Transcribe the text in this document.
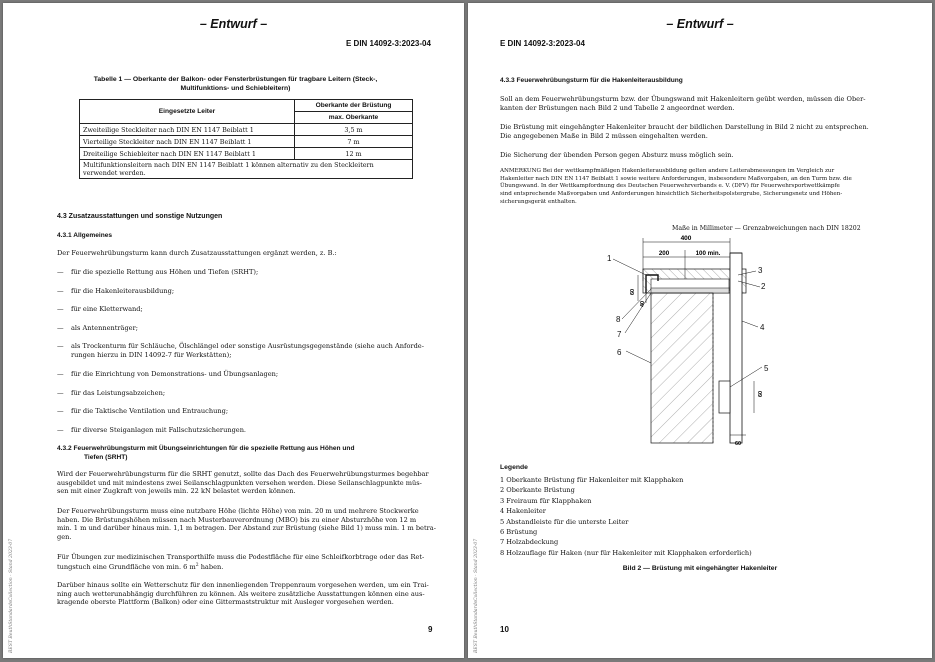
– Entwurf –
E DIN 14092-3:2023-04
Tabelle 1 — Oberkante der Balkon- oder Fensterbrüstungen für tragbare Leitern (Steck-,
Multifunktions- und Schiebleitern)
Eingesetzte Leiter	Oberkante der Brüstung
	max. Oberkante
Zweiteilige Steckleiter nach DIN EN 1147 Beiblatt 1	3,5 m
Vierteilige Steckleiter nach DIN EN 1147 Beiblatt 1	7 m
Dreiteilige Schiebleiter nach DIN EN 1147 Beiblatt 1	12 m
Multifunktionsleitern nach DIN EN 1147 Beiblatt 1 können alternativ zu den Steckleitern verwendet werden.	
4.3 Zusatzausstattungen und sonstige Nutzungen
4.3.1 Allgemeines
Der Feuerwehrübungsturm kann durch Zusatzausstattungen ergänzt werden, z. B.:
— für die spezielle Rettung aus Höhen und Tiefen (SRHT);
— für die Hakenleiterausbildung;
— für eine Kletterwand;
— als Antennenträger;
— als Trockenturm für Schläuche, Ölschlängel oder sonstige Ausrüstungsgegenstände (siehe auch Anforde-
rungen hierzu in DIN 14092-7 für Werkstätten);
— für die Einrichtung von Demonstrations- und Übungsanlagen;
— für das Leistungsabzeichen;
— für die Taktische Ventilation und Entrauchung;
— für diverse Steiganlagen mit Fallschutzsicherungen.
4.3.2 Feuerwehrübungsturm mit Übungseinrichtungen für die spezielle Rettung aus Höhen und
Tiefen (SRHT)
Wird der Feuerwehrübungsturm für die SRHT genutzt, sollte das Dach des Feuerwehrübungsturmes begehbar
ausgebildet und mit mindestens zwei Seilanschlagpunkten versehen werden. Diese Seilanschlagpunkte müs-
sen mit einer Zugkraft von jeweils min. 22 kN belastet werden können.
Der Feuerwehrübungsturm muss eine nutzbare Höhe (lichte Höhe) von min. 20 m und mehrere Stockwerke
haben. Die Brüstungshöhen müssen nach Musterbauverordnung (MBO) bis zu einer Absturzhöhe von 12 m
min. 1 m und darüber hinaus min. 1,1 m betragen. Der Abstand zur Brüstung (siehe Bild 1) muss min. 1 m betra-
gen.
Für Übungen zur medizinischen Transporthilfe muss die Podestfläche für eine Schleifkorbtrage oder das Ret-
tungstuch eine Grundfläche von min. 6 $m^2$ haben.
Darüber hinaus sollte ein Wetterschutz für den innenliegenden Treppenraum vorgesehen werden, um ein Trai-
ning auch wetterunabhängig durchführen zu können. Als weitere zusätzliche Ausstattungen können eine aus-
kragende oberste Plattform (Balkon) oder eine Gittermaststruktur mit Ausleger vorgesehen werden.
9
BEST BeuthStandardsCollection · Stand 2023-07
– Entwurf –
E DIN 14092-3:2023-04
4.3.3 Feuerwehrübungsturm für die Hakenleiterausbildung
Soll an dem Feuerwehrübungsturm bzw. der Übungswand mit Hakenleitern geübt werden, müssen die Ober-
kanten der Brüstungen nach Bild 2 und Tabelle 2 angeordnet werden.
Die Brüstung mit eingehängter Hakenleiter braucht der bildlichen Darstellung in Bild 2 nicht zu entsprechen.
Die angegebenen Maße in Bild 2 müssen eingehalten werden.
Die Sicherung der übenden Person gegen Absturz muss möglich sein.
ANMERKUNG Bei der wettkampfmäßigen Hakenleiterausbildung gelten andere Leiterabmessungen im Vergleich zur
Hakenleiter nach DIN EN 1147 Beiblatt 1 sowie weitere Anforderungen, insbesondere Maßvorgaben, an den Turm bzw. die
Übungswand. In der Wettkampfordnung des Deutschen Feuerwehrverbands e. V. (DFV) für Feuerwehrsportwettkämpfe
sind entsprechende Maßvorgaben und Anforderungen hinsichtlich Sicherheitspolstergrube, Sicherungsnetz und Höhen-
sicherungsgerät enthalten.
Maße in Millimeter — Grenzabweichungen nach DIN 18202
400
200	100 min.
60
40
60
60
1
2
3
4
5
6
7
8
Legende
1 Oberkante Brüstung für Hakenleiter mit Klapphaken
2 Oberkante Brüstung
3 Freiraum für Klapphaken
4 Hakenleiter
5 Abstandleiste für die unterste Leiter
6 Brüstung
7 Holzabdeckung
8 Holzauflage für Haken (nur für Hakenleiter mit Klapphaken erforderlich)
Bild 2 — Brüstung mit eingehängter Hakenleiter
10
BEST BeuthStandardsCollection · Stand 2023-07
